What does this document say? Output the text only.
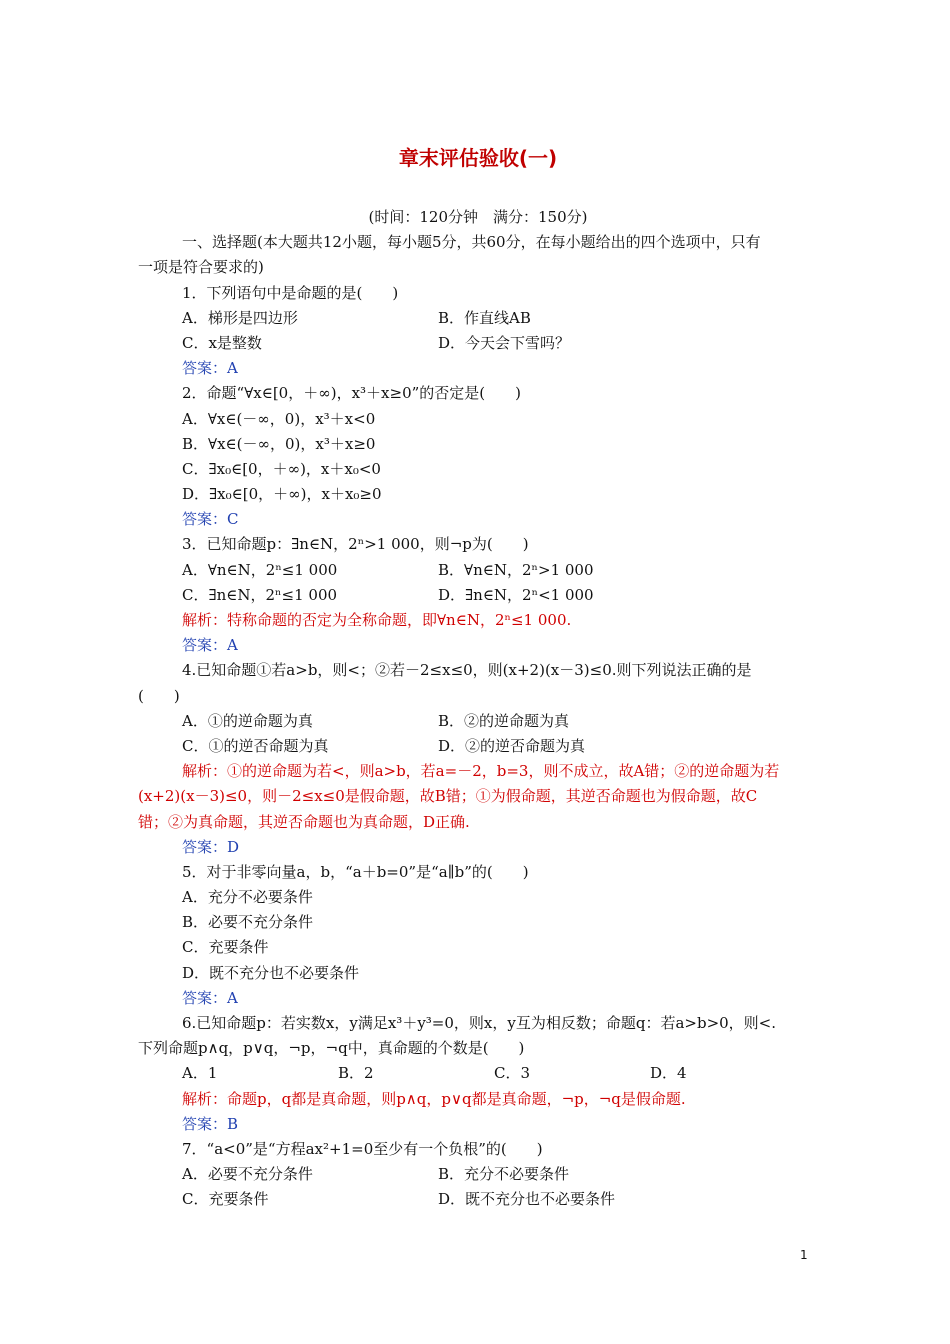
章末评估验收(一)
(时间：120分钟　满分：150分)
一、选择题(本大题共12小题，每小题5分，共60分，在每小题给出的四个选项中，只有
一项是符合要求的)
1．下列语句中是命题的是(　　)
A．梯形是四边形	B．作直线AB
C．x是整数	D．今天会下雪吗？
答案：A
2．命题“∀x∈[0，＋∞)，x³＋x≥0”的否定是(　　)
A．∀x∈(－∞，0)，x³＋x<0
B．∀x∈(－∞，0)，x³＋x≥0
C．∃x₀∈[0，＋∞)，x＋x₀<0
D．∃x₀∈[0，＋∞)，x＋x₀≥0
答案：C
3．已知命题p：∃n∈N，2ⁿ>1 000，则¬p为(　　)
A．∀n∈N，2ⁿ≤1 000	B．∀n∈N，2ⁿ>1 000
C．∃n∈N，2ⁿ≤1 000	D．∃n∈N，2ⁿ<1 000
解析：特称命题的否定为全称命题，即∀n∈N，2ⁿ≤1 000.
答案：A
4.已知命题①若a>b，则<；②若－2≤x≤0，则(x+2)(x－3)≤0.则下列说法正确的是
(　　)
A．①的逆命题为真	B．②的逆命题为真
C．①的逆否命题为真	D．②的逆否命题为真
解析：①的逆命题为若<，则a>b，若a=－2，b=3，则不成立，故A错；②的逆命题为若
(x+2)(x－3)≤0，则－2≤x≤0是假命题，故B错；①为假命题，其逆否命题也为假命题，故C
错；②为真命题，其逆否命题也为真命题，D正确.
答案：D
5．对于非零向量a，b，“a＋b=0”是“a∥b”的(　　)
A．充分不必要条件
B．必要不充分条件
C．充要条件
D．既不充分也不必要条件
答案：A
6.已知命题p：若实数x，y满足x³＋y³=0，则x，y互为相反数；命题q：若a>b>0，则<.
下列命题p∧q，p∨q，¬p，¬q中，真命题的个数是(　　)
A．1	B．2	C．3	D．4
解析：命题p，q都是真命题，则p∧q，p∨q都是真命题，¬p，¬q是假命题.
答案：B
7．“a<0”是“方程ax²+1=0至少有一个负根”的(　　)
A．必要不充分条件	B．充分不必要条件
C．充要条件	D．既不充分也不必要条件
1
